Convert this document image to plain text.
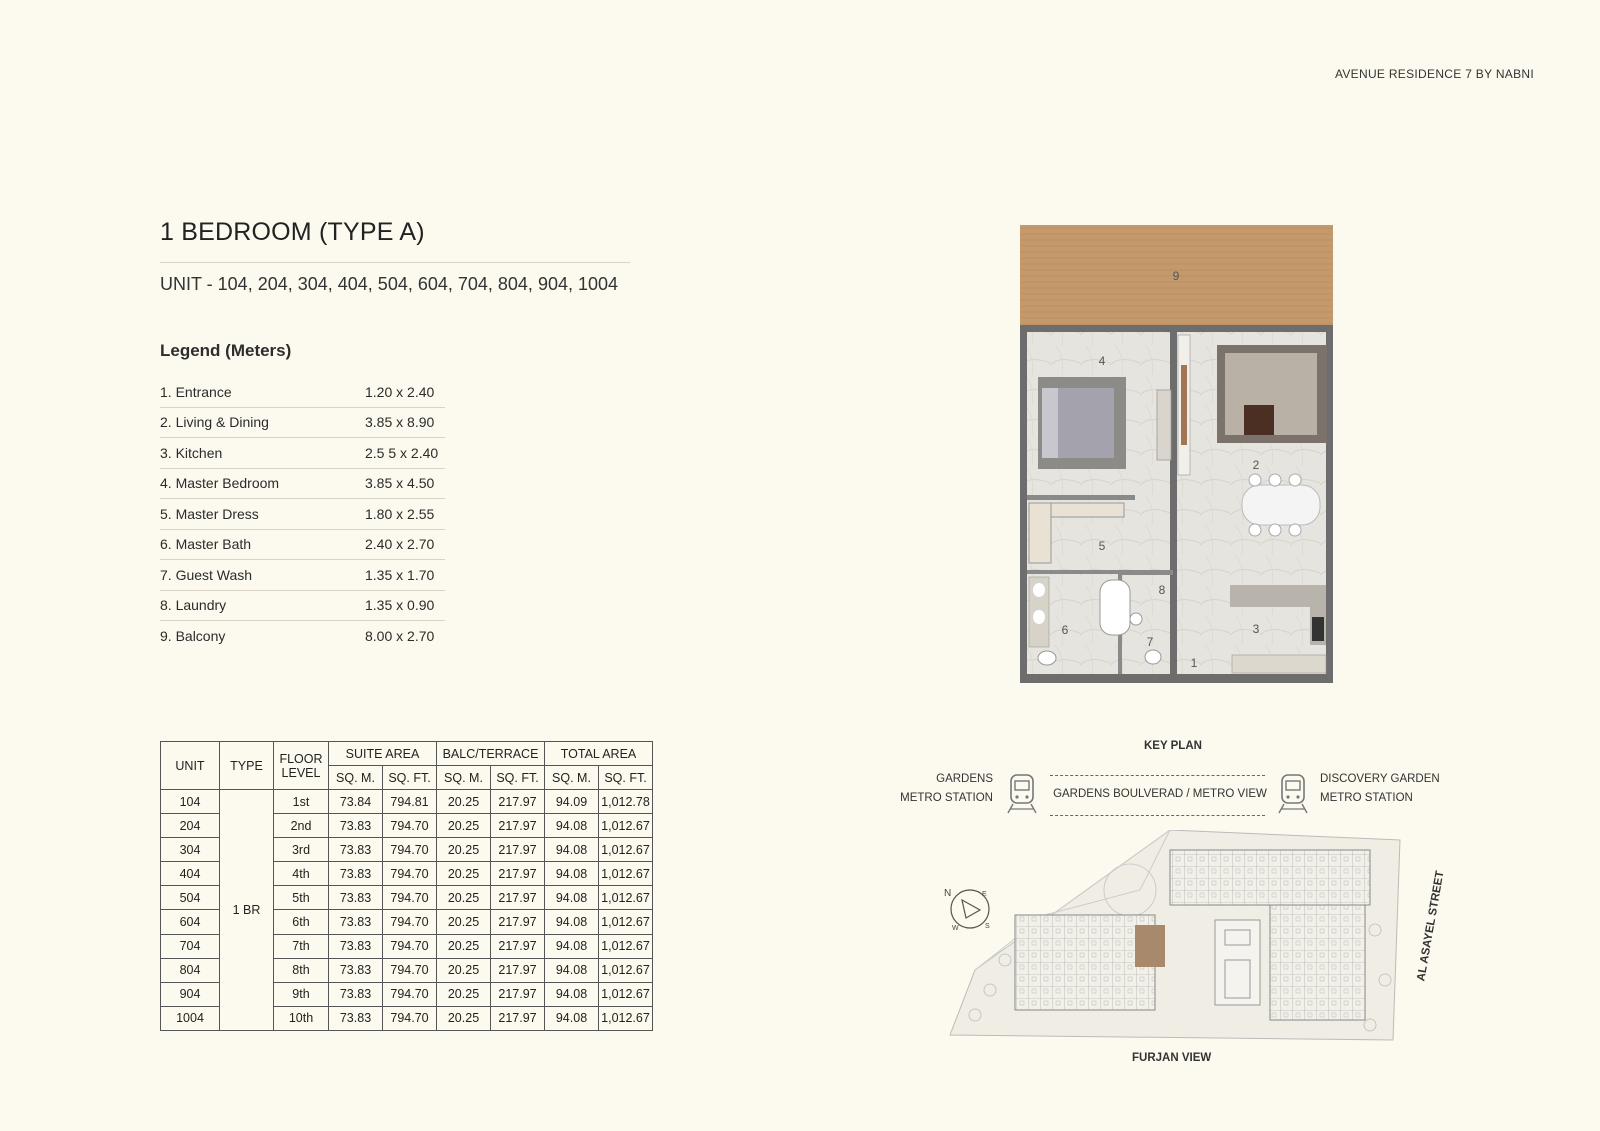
AVENUE RESIDENCE 7 BY NABNI
1 BEDROOM (TYPE A)
UNIT - 104, 204, 304, 404, 504, 604, 704, 804, 904, 1004
Legend (Meters)
1. Entrance	1.20 x 2.40
2. Living & Dining	3.85 x 8.90
3. Kitchen	2.5 5 x 2.40
4. Master Bedroom	3.85 x 4.50
5. Master Dress	1.80 x 2.55
6. Master Bath	2.40 x 2.70
7. Guest Wash	1.35 x 1.70
8. Laundry	1.35 x 0.90
9. Balcony	8.00 x 2.70
1
2
3
4
5
6
7
8
9
UNIT	TYPE	FLOOR LEVEL	SUITE AREA		BALC/TERRACE		TOTAL AREA	
			SQ. M.	SQ. FT.	SQ. M.	SQ. FT.	SQ. M.	SQ. FT.
104	1 BR	1st	73.84	794.81	20.25	217.97	94.09	1,012.78
204		2nd	73.83	794.70	20.25	217.97	94.08	1,012.67
304		3rd	73.83	794.70	20.25	217.97	94.08	1,012.67
404		4th	73.83	794.70	20.25	217.97	94.08	1,012.67
504		5th	73.83	794.70	20.25	217.97	94.08	1,012.67
604		6th	73.83	794.70	20.25	217.97	94.08	1,012.67
704		7th	73.83	794.70	20.25	217.97	94.08	1,012.67
804		8th	73.83	794.70	20.25	217.97	94.08	1,012.67
904		9th	73.83	794.70	20.25	217.97	94.08	1,012.67
1004		10th	73.83	794.70	20.25	217.97	94.08	1,012.67
KEY PLAN
GARDENS
METRO STATION	GARDENS BOULVERAD / METRO VIEW
DISCOVERY GARDEN
METRO STATION
N	E
S
W	AL ASAYEL STREET
FURJAN VIEW
